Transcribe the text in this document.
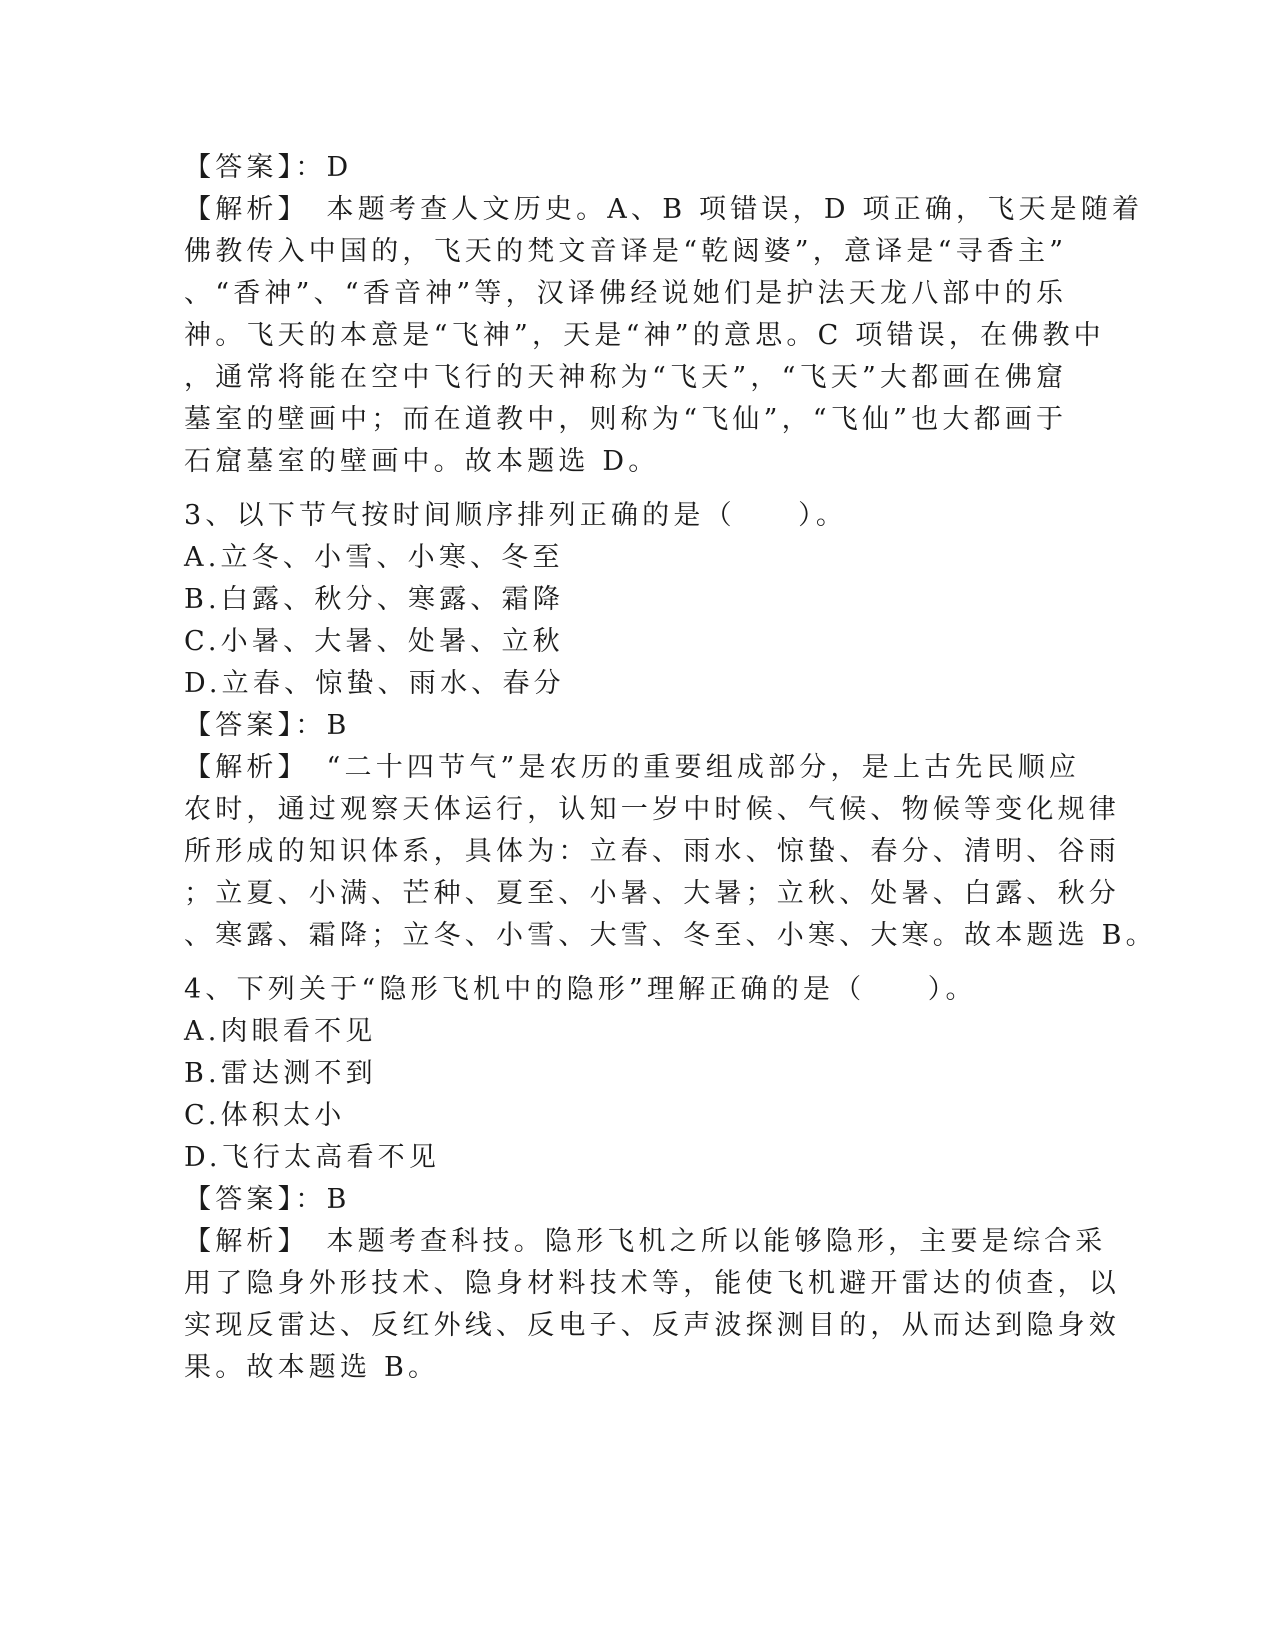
【答案】：D
【解析】　本题考查人文历史。A、B 项错误，D 项正确，飞天是随着
佛教传入中国的，飞天的梵文音译是“乾闼婆”，意译是“寻香主”
、“香神”、“香音神”等，汉译佛经说她们是护法天龙八部中的乐
神。飞天的本意是“飞神”，天是“神”的意思。C 项错误，在佛教中
，通常将能在空中飞行的天神称为“飞天”，“飞天”大都画在佛窟
墓室的壁画中；而在道教中，则称为“飞仙”，“飞仙”也大都画于
石窟墓室的壁画中。故本题选 D。
3、以下节气按时间顺序排列正确的是（　　）。
A.立冬、小雪、小寒、冬至
B.白露、秋分、寒露、霜降
C.小暑、大暑、处暑、立秋
D.立春、惊蛰、雨水、春分
【答案】：B
【解析】　“二十四节气”是农历的重要组成部分，是上古先民顺应
农时，通过观察天体运行，认知一岁中时候、气候、物候等变化规律
所形成的知识体系，具体为：立春、雨水、惊蛰、春分、清明、谷雨
；立夏、小满、芒种、夏至、小暑、大暑；立秋、处暑、白露、秋分
、寒露、霜降；立冬、小雪、大雪、冬至、小寒、大寒。故本题选 B。
4、下列关于“隐形飞机中的隐形”理解正确的是（　　）。
A.肉眼看不见
B.雷达测不到
C.体积太小
D.飞行太高看不见
【答案】：B
【解析】　本题考查科技。隐形飞机之所以能够隐形，主要是综合采
用了隐身外形技术、隐身材料技术等，能使飞机避开雷达的侦查，以
实现反雷达、反红外线、反电子、反声波探测目的，从而达到隐身效
果。故本题选 B。
